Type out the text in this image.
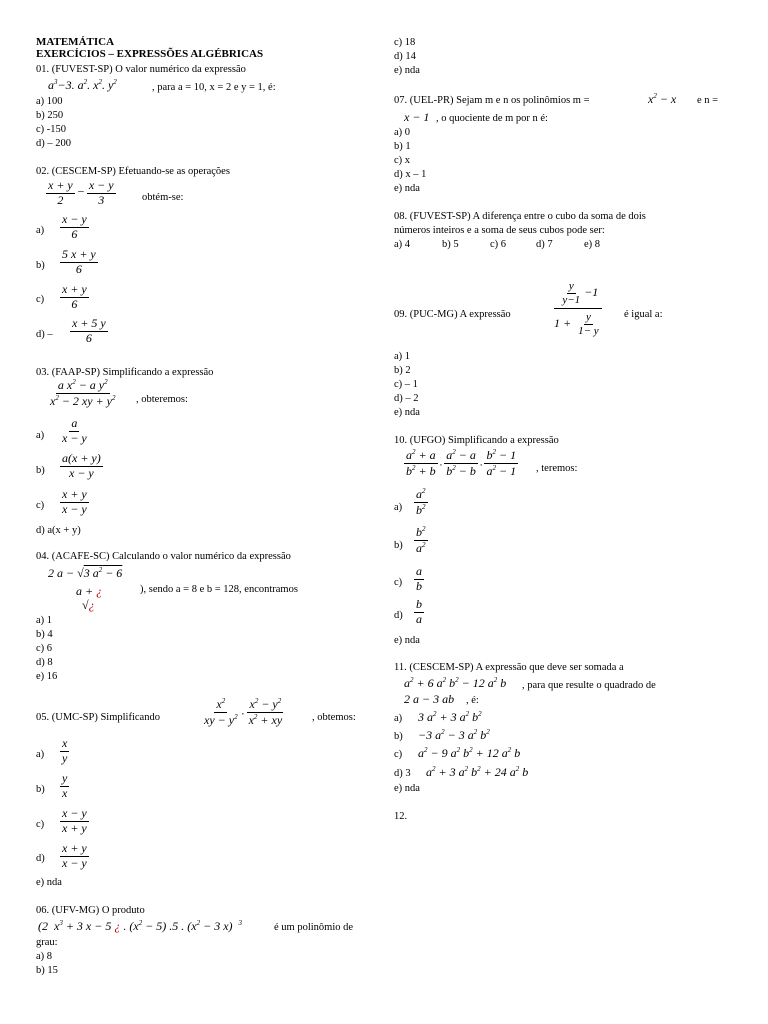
MATEMÁTICA
EXERCÍCIOS – EXPRESSÕES ALGÉBRICAS
01. (FUVEST-SP) O valor numérico da expressão
$a^3-3$. $a^2$. $x^2$. $y^2$	, para a = 10, x = 2 e y = 1, é:
a) 100
b) 250
c) -150
d) – 200
02. (CESCEM-SP) Efetuando-se as operações
$\frac{x + y}{2} - \frac{x - y}{3}$	obtém-se:
$a) \frac{x - y}{6}$
$b) \frac{5 x + y}{6}$
$c) \frac{x + y}{6}$
$d) - \frac{x + 5 y}{6}$
03. (FAAP-SP) Simplificando a expressão
$\frac{a x^2 - a y^2}{x^2 - 2 xy + y^2}$ , obteremos:
$a) \frac{a}{x - y}$
$b) \frac{a(x + y)}{x - y}$
$c) \frac{x + y}{x - y}$
d) a(x + y)
04. (ACAFE-SC) Calculando o valor numérico da expressão
2 a − √3 $a^2 - 6$
a + ¿
√¿
), sendo a = 8 e b = 128, encontramos
a) 1
b) 4
c) 6
d) 8
e) 16
05. (UMC-SP) Simplificando	$\frac{x^2}{xy - y^2}$ . $\frac{x^2 - y^2}{x^2 + xy}$	, obtemos:
$a) \frac{x}{y}$
$b) \frac{y}{x}$
$c) \frac{x - y}{x + y}$
$d) \frac{x + y}{x - y}$
e) nda
06. (UFV-MG) O produto
(2  $x^3 + 3$ x − 5 ¿ . $(x^2 - 5)$ .5 . ($x^2 - 3$ x)  $^3$	é um polinômio de
grau:
a) 8
b) 15
c) 18
d) 14
e) nda
07. (UEL-PR) Sejam m e n os polinômios m =	$x^2 - x$ e n =
x − 1 , o quociente de m por n é:
a) 0
b) 1
c) x
d) x – 1
e) nda
08. (FUVEST-SP) A diferença entre o cubo da soma de dois
números inteiros e a soma de seus cubos pode ser:
a) 4	b) 5	c) 6	d) 7	e) 8
09. (PUC-MG) A expressão	$\frac{\frac{y}{y-1} -1}{1 + \frac{y}{1- y}}$ é igual a:
a) 1
b) 2
c) – 1
d) – 2
e) nda
10. (UFGO) Simplificando a expressão
$\frac{a^2 + a}{b^2 + b}$ . $\frac{a^2 - a}{b^2 - b}$ . $\frac{b^2 - 1}{a^2 - 1}$ , teremos:
$a) \frac{a^2}{b^2}$
$b) \frac{b^2}{a^2}$
$c) \frac{a}{b}$
$d) \frac{b}{a}$
e) nda
11. (CESCEM-SP) A expressão que deve ser somada a
$a^2 + 6$ $a^2$ $b^2 - 12$ $a^2$ b , para que resulte o quadrado de
2 a − 3 ab , é:
a) 3 $a^2 + 3$ $a^2$ $b^2$
b) −3 $a^2 - 3$ $a^2$ $b^2$
c) $a^2 - 9$ $a^2$ $b^2 + 12$ $a^2$ b
d) 3 $a^2 + 3$ $a^2$ $b^2 + 24$ $a^2$ b
e) nda
12.
